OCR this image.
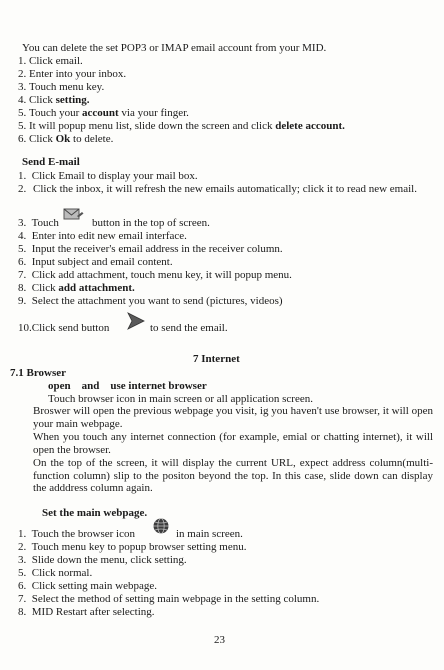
You can delete the set POP3 or IMAP email account from your MID.
1. Click email.
2. Enter into your inbox.
3. Touch menu key.
4. Click setting.
5. Touch your account via your finger.
5. It will popup menu list, slide down the screen and click delete account.
6. Click Ok to delete.
Send E-mail
1. Click Email to display your mail box.
2. Click the inbox, it will refresh the new emails automatically; click it to read new email.
3. Touch	button in the top of screen.
4. Enter into edit new email interface.
5. Input the receiver's email address in the receiver column.
6. Input subject and email content.
7. Click add attachment, touch menu key, it will popup menu.
8. Click add attachment.
9. Select the attachment you want to send (pictures, videos)
10.Click send button	to send the email.
7 Internet
7.1 Browser
open and use internet browser
Touch browser icon in main screen or all application screen.
Broswer will open the previous webpage you visit, ig you haven't use browser, it will open your main webpage.
When you touch any internet connection (for example, emial or chatting internet), it will open the browser.
On the top of the screen, it will display the current URL, expect address column(multi-function column) slip to the positon beyond the top. In this case, slide down can display the adddress column again.
Set the main webpage.
1. Touch the browser icon	in main screen.
2. Touch menu key to popup browser setting menu.
3. Slide down the menu, click setting.
5. Click normal.
6. Click setting main webpage.
7. Select the method of setting main webpage in the setting column.
8. MID Restart after selecting.
23
